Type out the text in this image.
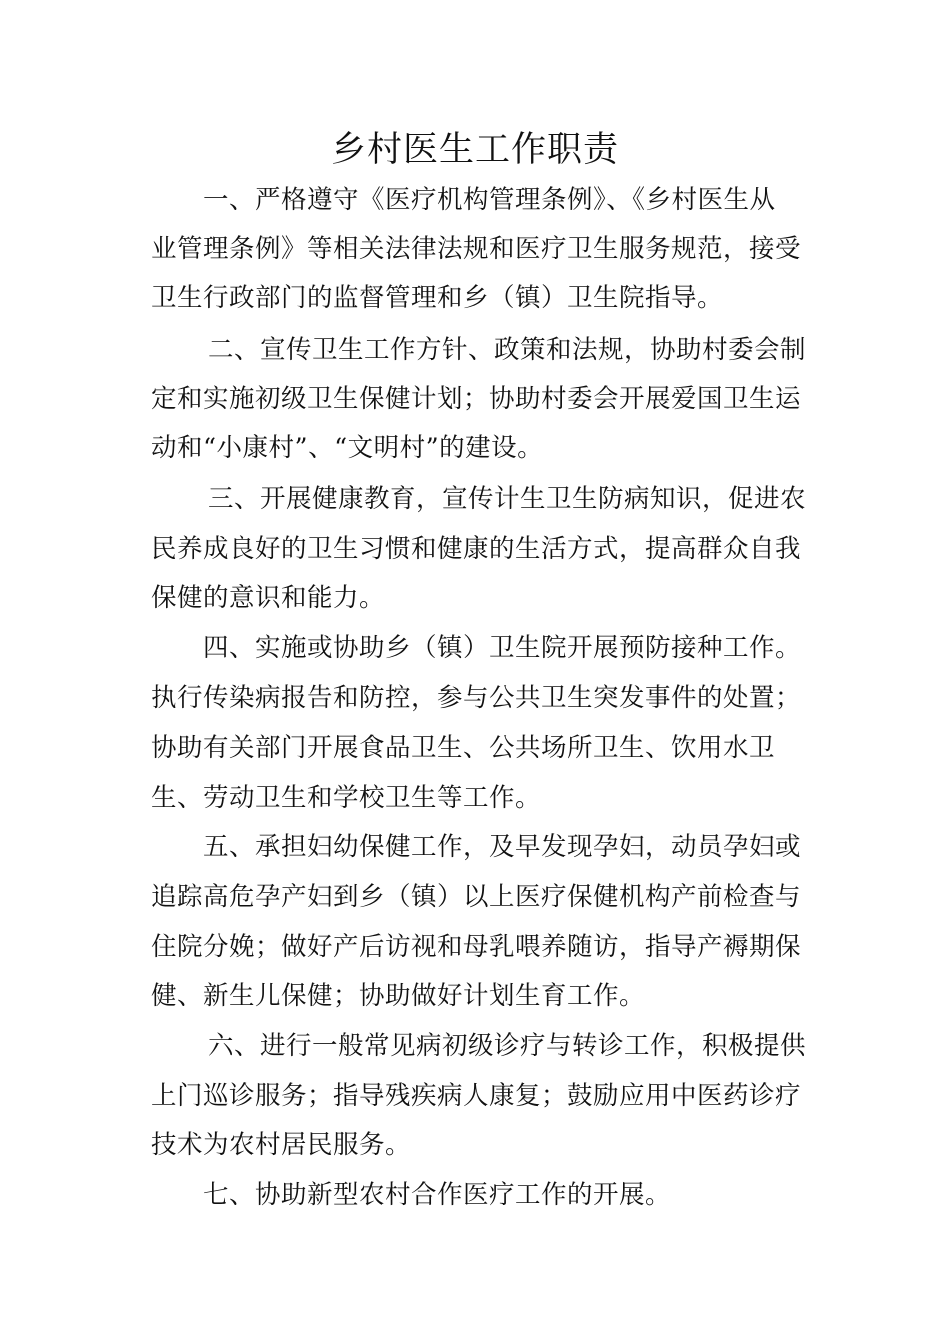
乡村医生工作职责

一、严格遵守《医疗机构管理条例》、《乡村医生从

业管理条例》等相关法律法规和医疗卫生服务规范，接受

卫生行政部门的监督管理和乡（镇）卫生院指导。

二、宣传卫生工作方针、政策和法规，协助村委会制

定和实施初级卫生保健计划；协助村委会开展爱国卫生运

动和“小康村”、“文明村”的建设。

三、开展健康教育，宣传计生卫生防病知识，促进农

民养成良好的卫生习惯和健康的生活方式，提高群众自我

保健的意识和能力。

四、实施或协助乡（镇）卫生院开展预防接种工作。

执行传染病报告和防控，参与公共卫生突发事件的处置；

协助有关部门开展食品卫生、公共场所卫生、饮用水卫

生、劳动卫生和学校卫生等工作。

五、承担妇幼保健工作，及早发现孕妇，动员孕妇或

追踪高危孕产妇到乡（镇）以上医疗保健机构产前检查与

住院分娩；做好产后访视和母乳喂养随访，指导产褥期保

健、新生儿保健；协助做好计划生育工作。

六、进行一般常见病初级诊疗与转诊工作，积极提供

上门巡诊服务；指导残疾病人康复；鼓励应用中医药诊疗

技术为农村居民服务。

七、协助新型农村合作医疗工作的开展。
